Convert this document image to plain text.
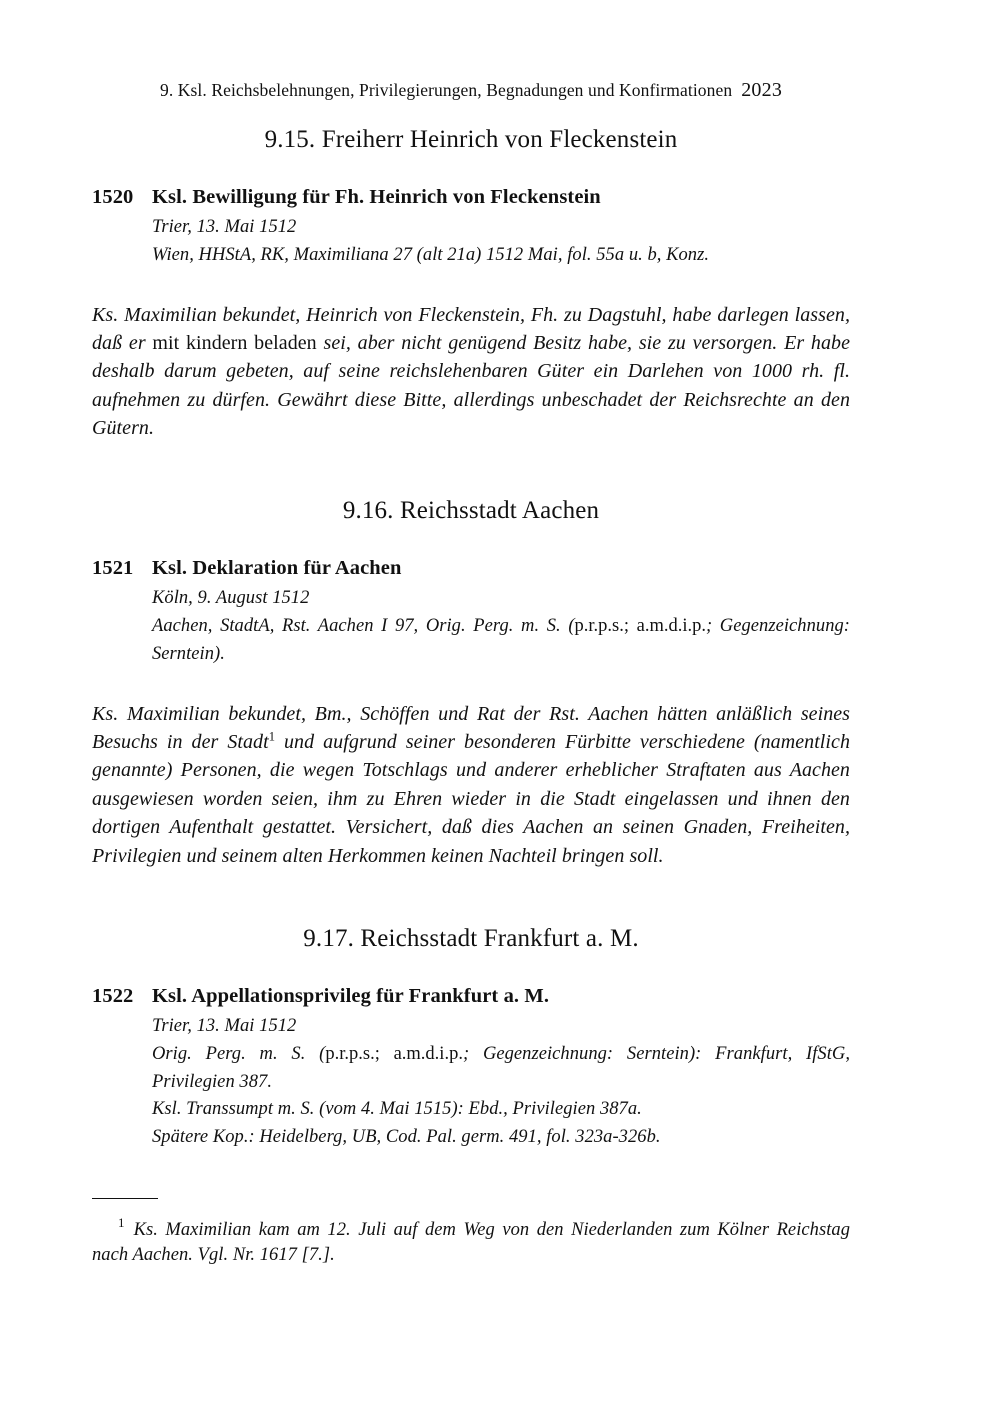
9. Ksl. Reichsbelehnungen, Privilegierungen, Begnadungen und Konfirmationen 2023
9.15. Freiherr Heinrich von Fleckenstein
1520 Ksl. Bewilligung für Fh. Heinrich von Fleckenstein
Trier, 13. Mai 1512
Wien, HHStA, RK, Maximiliana 27 (alt 21a) 1512 Mai, fol. 55a u. b, Konz.

Ks. Maximilian bekundet, Heinrich von Fleckenstein, Fh. zu Dagstuhl, habe darlegen lassen, daß er mit kindern beladen sei, aber nicht genügend Besitz habe, sie zu versorgen. Er habe deshalb darum gebeten, auf seine reichslehenbaren Güter ein Darlehen von 1000 rh. fl. aufnehmen zu dürfen. Gewährt diese Bitte, allerdings unbeschadet der Reichsrechte an den Gütern.

9.16. Reichsstadt Aachen
1521 Ksl. Deklaration für Aachen
Köln, 9. August 1512
Aachen, StadtA, Rst. Aachen I 97, Orig. Perg. m. S. (p.r.p.s.; a.m.d.i.p.; Gegenzeichnung: Serntein).

Ks. Maximilian bekundet, Bm., Schöffen und Rat der Rst. Aachen hätten anläßlich seines Besuchs in der Stadt$^1$ und aufgrund seiner besonderen Fürbitte verschiedene (namentlich genannte) Personen, die wegen Totschlags und anderer erheblicher Straftaten aus Aachen ausgewiesen worden seien, ihm zu Ehren wieder in die Stadt eingelassen und ihnen den dortigen Aufenthalt gestattet. Versichert, daß dies Aachen an seinen Gnaden, Freiheiten, Privilegien und seinem alten Herkommen keinen Nachteil bringen soll.

9.17. Reichsstadt Frankfurt a. M.
1522 Ksl. Appellationsprivileg für Frankfurt a. M.
Trier, 13. Mai 1512
Orig. Perg. m. S. (p.r.p.s.; a.m.d.i.p.; Gegenzeichnung: Serntein): Frankfurt, IfStG, Privilegien 387.
Ksl. Transsumpt m. S. (vom 4. Mai 1515): Ebd., Privilegien 387a.
Spätere Kop.: Heidelberg, UB, Cod. Pal. germ. 491, fol. 323a-326b.

$^1$ Ks. Maximilian kam am 12. Juli auf dem Weg von den Niederlanden zum Kölner Reichstag nach Aachen. Vgl. Nr. 1617 [7.].
